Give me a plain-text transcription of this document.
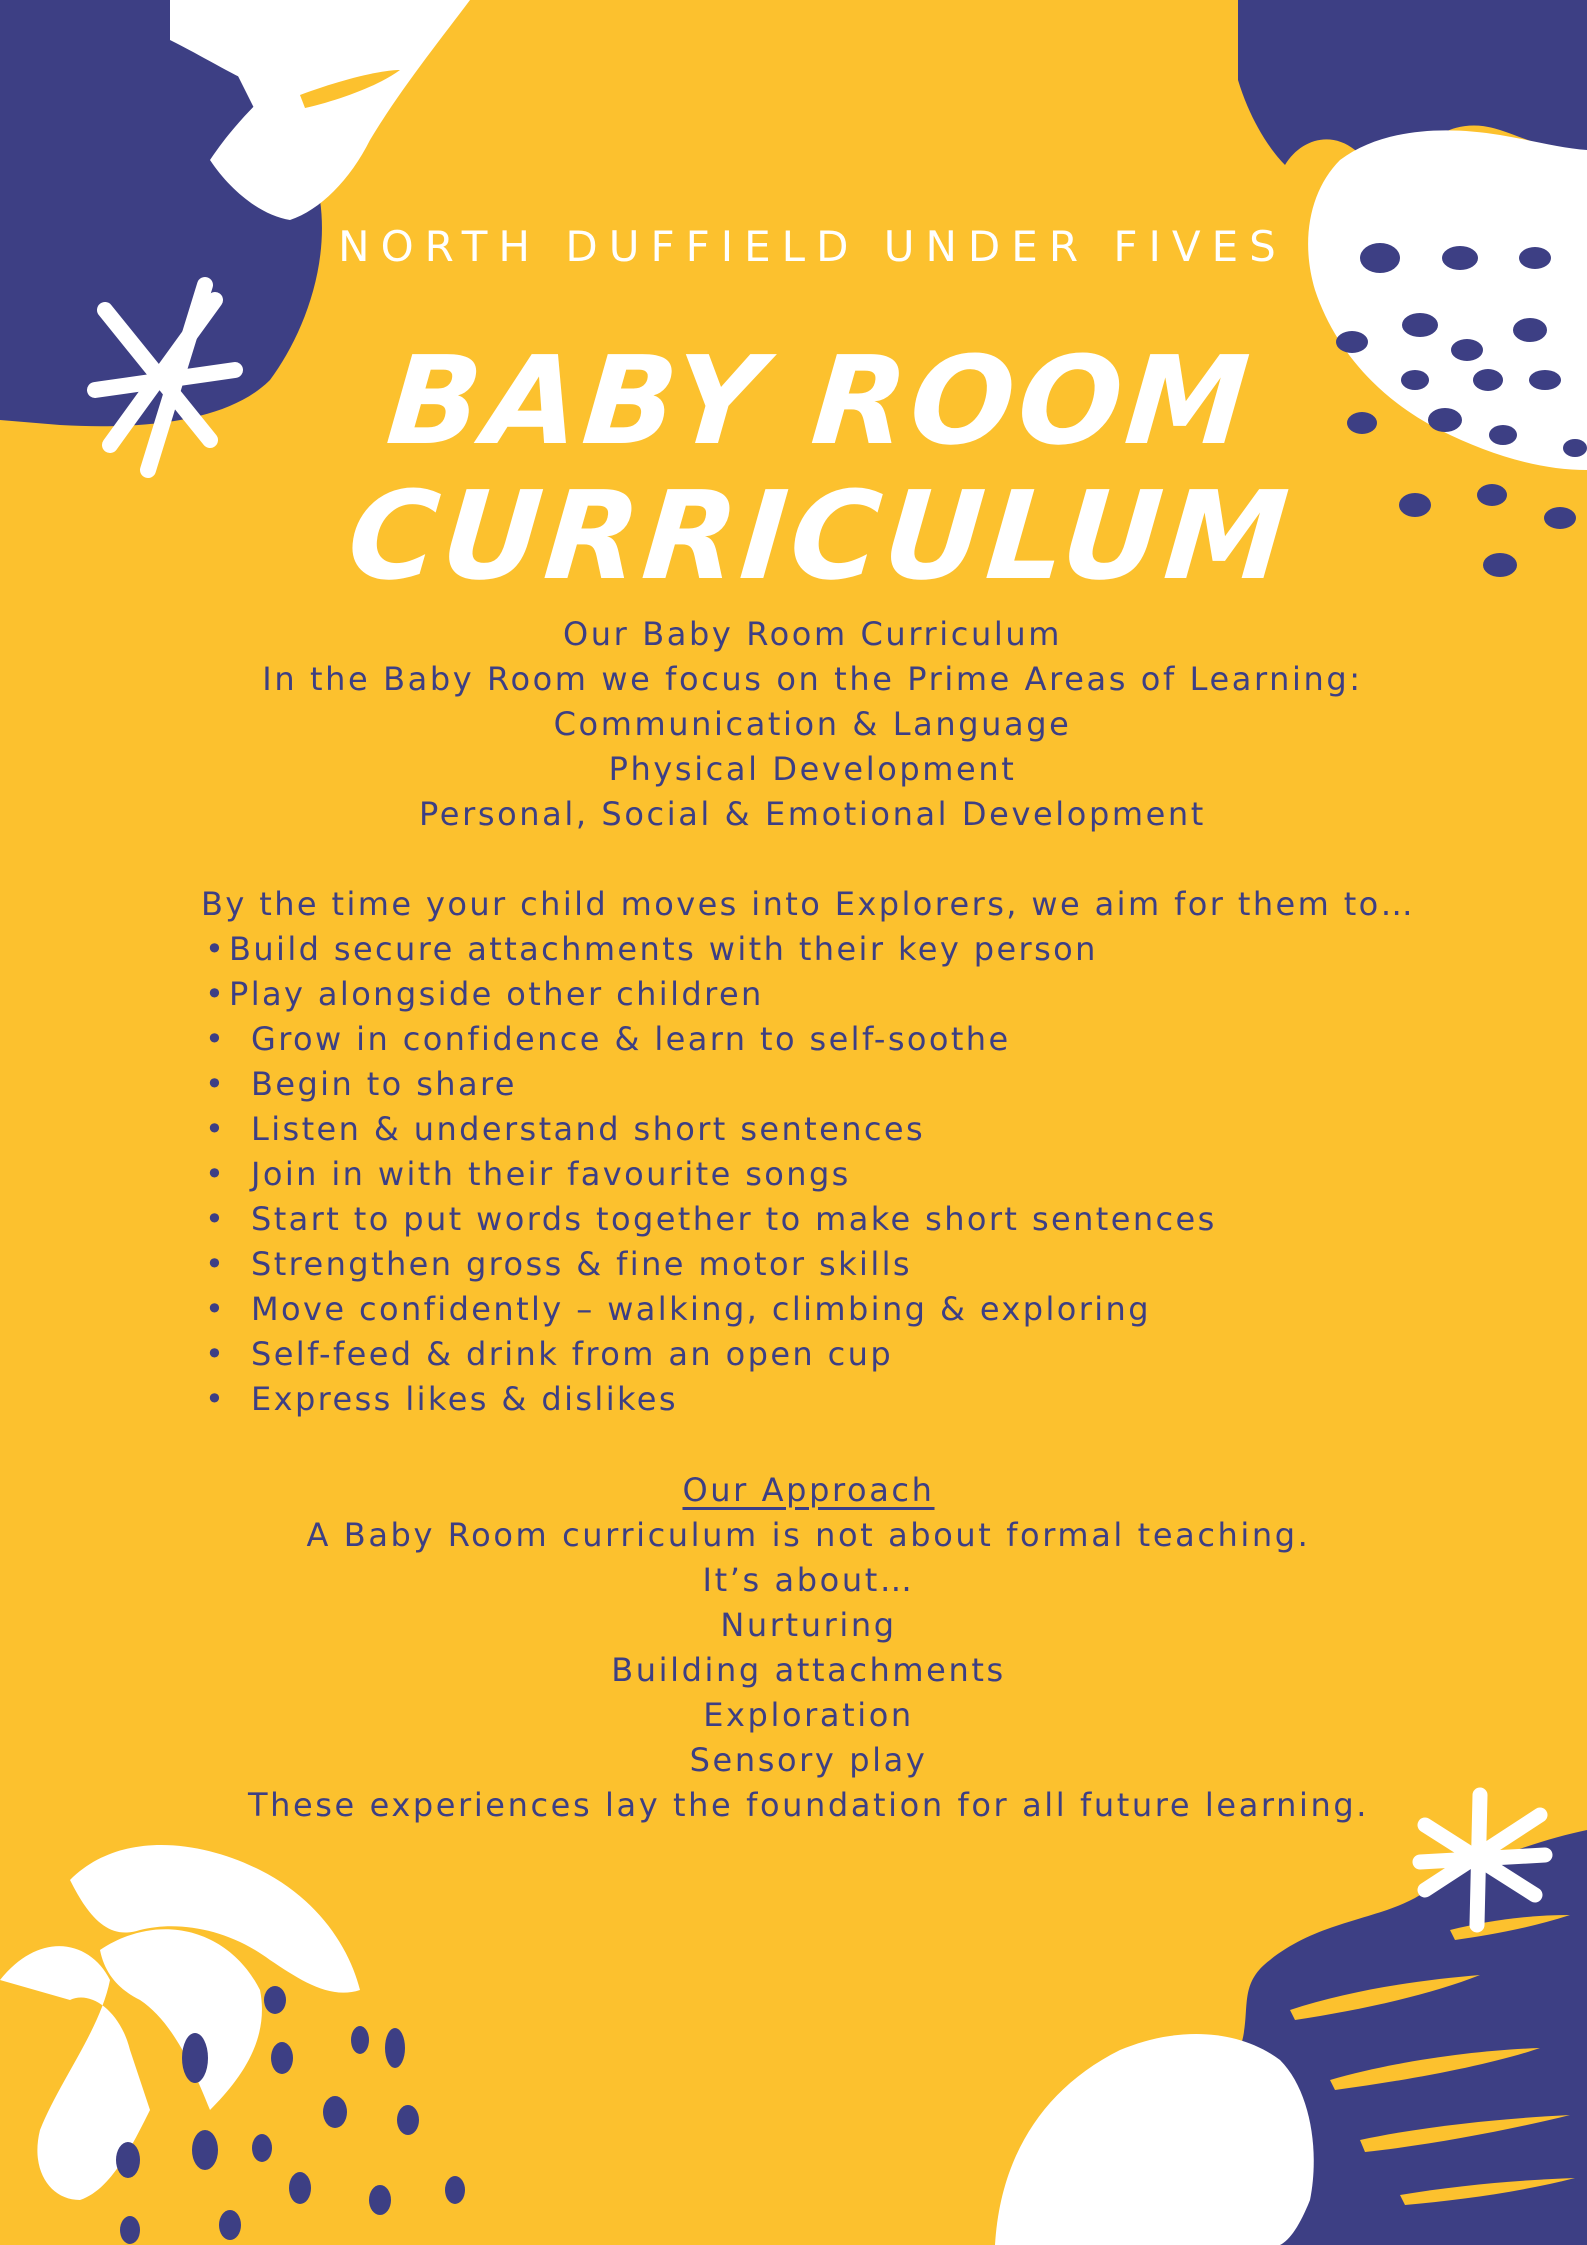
NORTH DUFFIELD UNDER FIVES
BABY ROOM
CURRICULUM
Our Baby Room Curriculum
In the Baby Room we focus on the Prime Areas of Learning:
Communication & Language
Physical Development
Personal, Social & Emotional Development
By the time your child moves into Explorers, we aim for them to…
•Build secure attachments with their key person
•Play alongside other children
• Grow in confidence & learn to self-soothe
• Begin to share
• Listen & understand short sentences
• Join in with their favourite songs
• Start to put words together to make short sentences
• Strengthen gross & fine motor skills
• Move confidently – walking, climbing & exploring
• Self-feed & drink from an open cup
• Express likes & dislikes
Our Approach
A Baby Room curriculum is not about formal teaching.
It’s about…
Nurturing
Building attachments
Exploration
Sensory play
These experiences lay the foundation for all future learning.
